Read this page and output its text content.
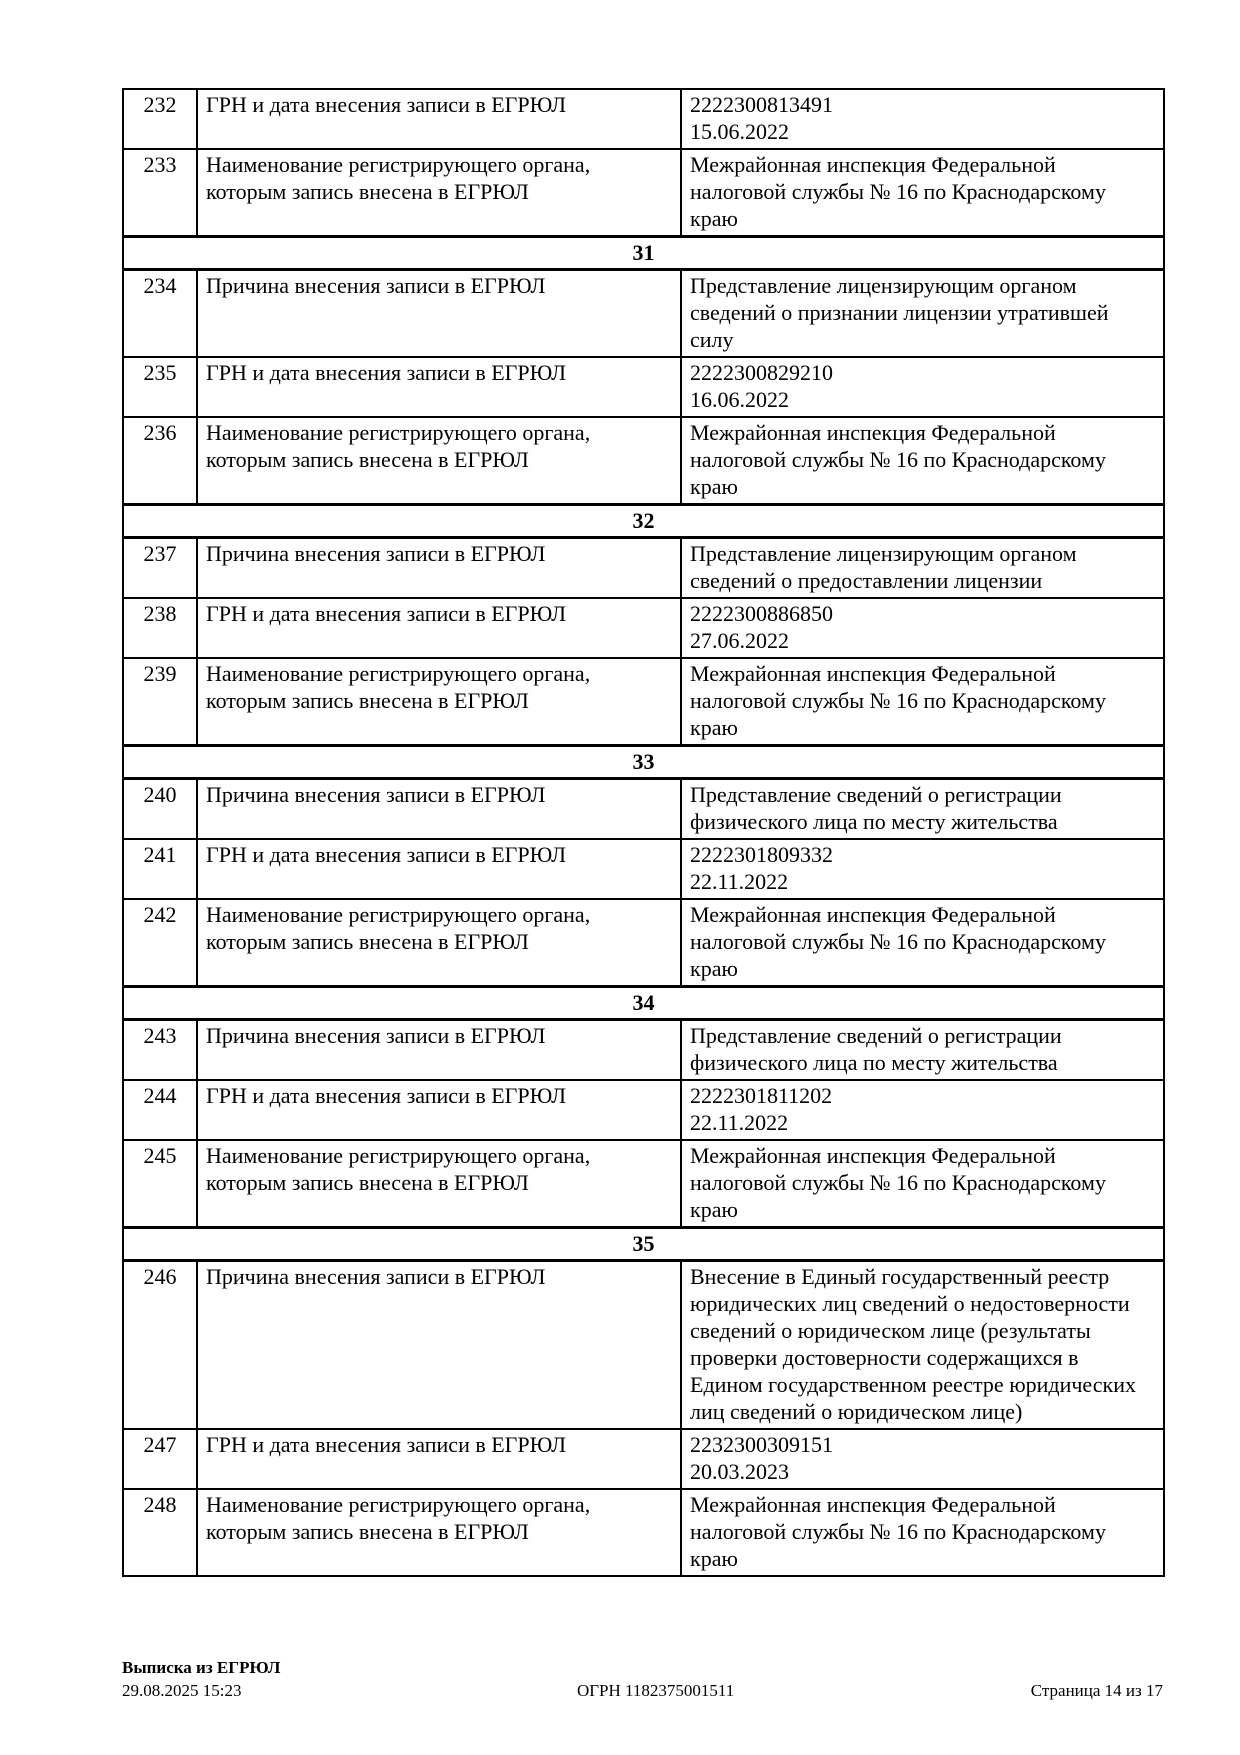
232	ГРН и дата внесения записи в ЕГРЮЛ	2222300813491
15.06.2022

233	Наименование регистрирующего органа, которым запись внесена в ЕГРЮЛ	Межрайонная инспекция Федеральной налоговой службы № 16 по Краснодарскому краю

31		
234	Причина внесения записи в ЕГРЮЛ	Представление лицензирующим органом сведений о признании лицензии утратившей силу

235	ГРН и дата внесения записи в ЕГРЮЛ	2222300829210
16.06.2022

236	Наименование регистрирующего органа, которым запись внесена в ЕГРЮЛ	Межрайонная инспекция Федеральной налоговой службы № 16 по Краснодарскому краю

32		
237	Причина внесения записи в ЕГРЮЛ	Представление лицензирующим органом сведений о предоставлении лицензии

238	ГРН и дата внесения записи в ЕГРЮЛ	2222300886850
27.06.2022

239	Наименование регистрирующего органа, которым запись внесена в ЕГРЮЛ	Межрайонная инспекция Федеральной налоговой службы № 16 по Краснодарскому краю

33		
240	Причина внесения записи в ЕГРЮЛ	Представление сведений о регистрации физического лица по месту жительства

241	ГРН и дата внесения записи в ЕГРЮЛ	2222301809332
22.11.2022

242	Наименование регистрирующего органа, которым запись внесена в ЕГРЮЛ	Межрайонная инспекция Федеральной налоговой службы № 16 по Краснодарскому краю

34		
243	Причина внесения записи в ЕГРЮЛ	Представление сведений о регистрации физического лица по месту жительства

244	ГРН и дата внесения записи в ЕГРЮЛ	2222301811202
22.11.2022

245	Наименование регистрирующего органа, которым запись внесена в ЕГРЮЛ	Межрайонная инспекция Федеральной налоговой службы № 16 по Краснодарскому краю

35		
246	Причина внесения записи в ЕГРЮЛ	Внесение в Единый государственный реестр юридических лиц сведений о недостоверности сведений о юридическом лице (результаты проверки достоверности содержащихся в Едином государственном реестре юридических лиц сведений о юридическом лице)

247	ГРН и дата внесения записи в ЕГРЮЛ	2232300309151
20.03.2023

248	Наименование регистрирующего органа, которым запись внесена в ЕГРЮЛ	Межрайонная инспекция Федеральной налоговой службы № 16 по Краснодарскому краю
Выписка из ЕГРЮЛ
29.08.2025 15:23	ОГРН 1182375001511	Страница 14 из 17
